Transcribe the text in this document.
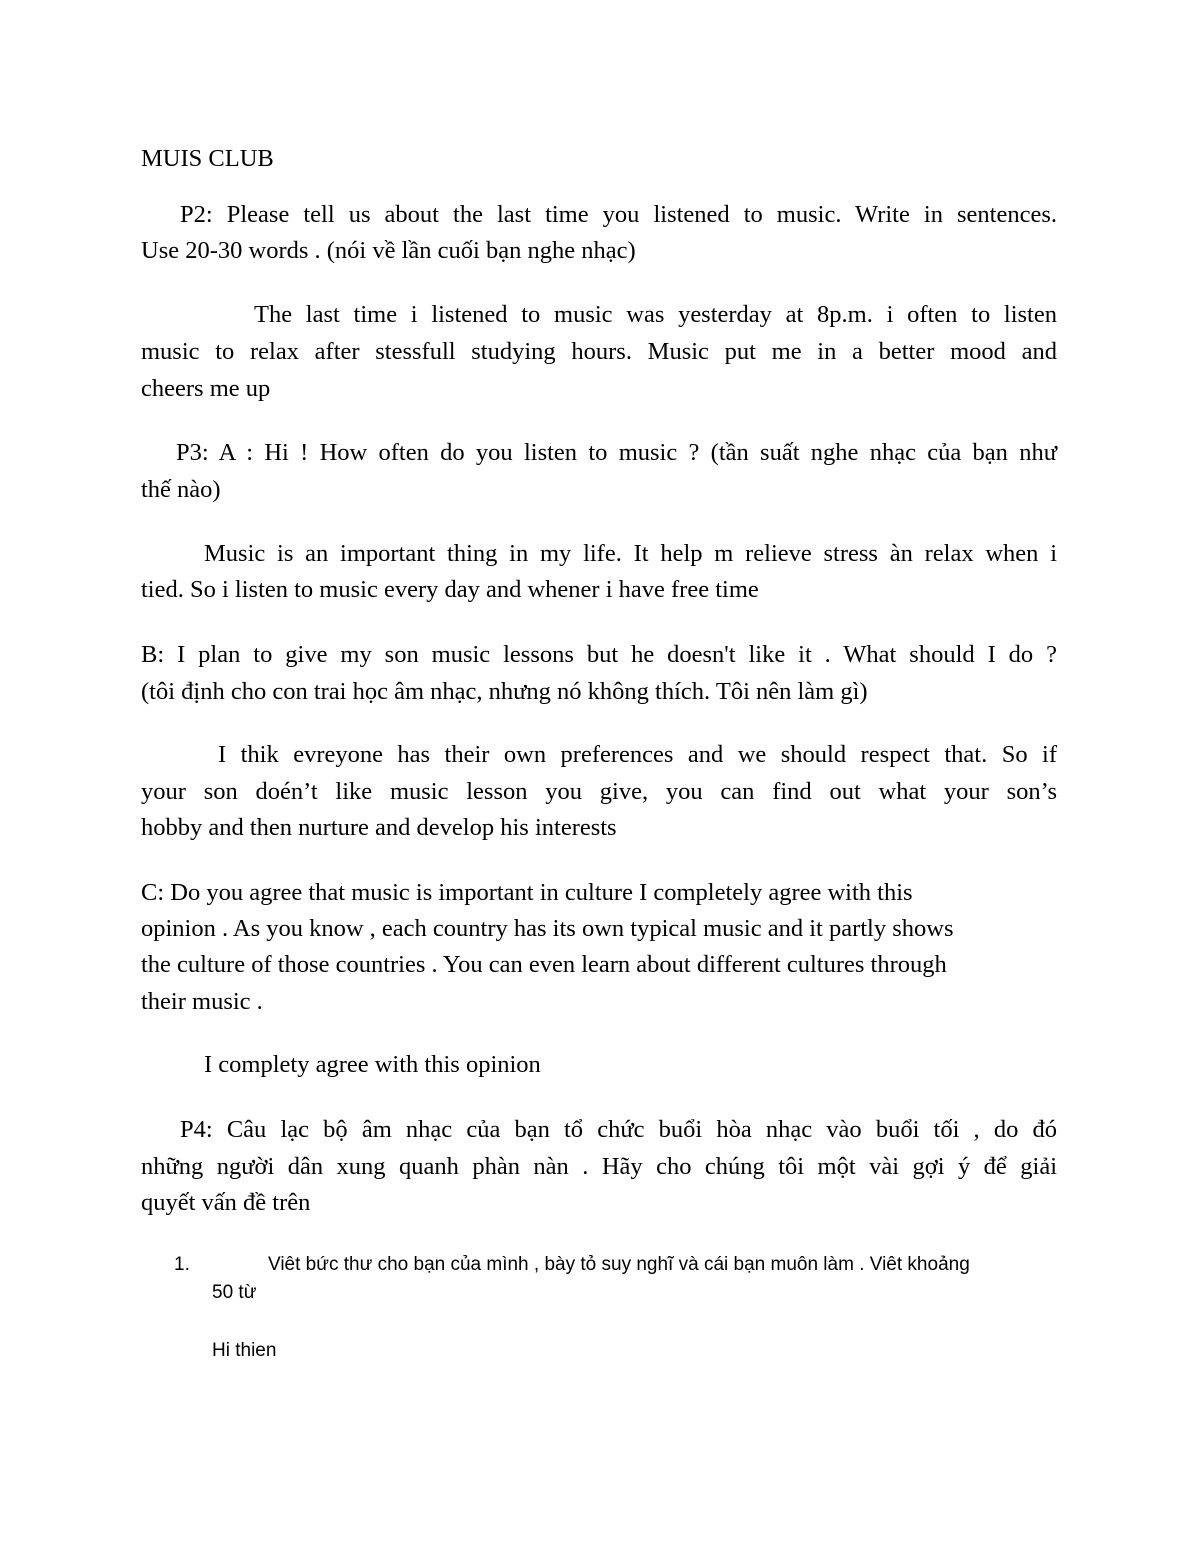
MUIS CLUB
P2: Please tell us about the last time you listened to music. Write in sentences.
Use 20-30 words . (nói về lần cuối bạn nghe nhạc)
The last time i listened to music was yesterday at 8p.m. i often to listen
music to relax after stessfull studying hours. Music put me in a better mood and
cheers me up
P3: A : Hi ! How often do you listen to music ? (tần suất nghe nhạc của bạn như
thế nào)
Music is an important thing in my life. It help m relieve stress àn relax when i
tied. So i listen to music every day and whener i have free time
B: I plan to give my son music lessons but he doesn't like it . What should I do ?
(tôi định cho con trai học âm nhạc, nhưng nó không thích. Tôi nên làm gì)
I thik evreyone has their own preferences and we should respect that. So if
your son doén’t like music lesson you give, you can find out what your son’s
hobby and then nurture and develop his interests
C: Do you agree that music is important in culture I completely agree with this
opinion . As you know , each country has its own typical music and it partly shows
the culture of those countries . You can even learn about different cultures through
their music .
I complety agree with this opinion
P4: Câu lạc bộ âm nhạc của bạn tổ chức buổi hòa nhạc vào buổi tối , do đó
những người dân xung quanh phàn nàn . Hãy cho chúng tôi một vài gợi ý để giải
quyết vấn đề trên
1.	Viêt bức thư cho bạn của mình , bày tỏ suy nghĩ và cái bạn muôn làm . Viêt khoảng
50 từ
Hi thien
